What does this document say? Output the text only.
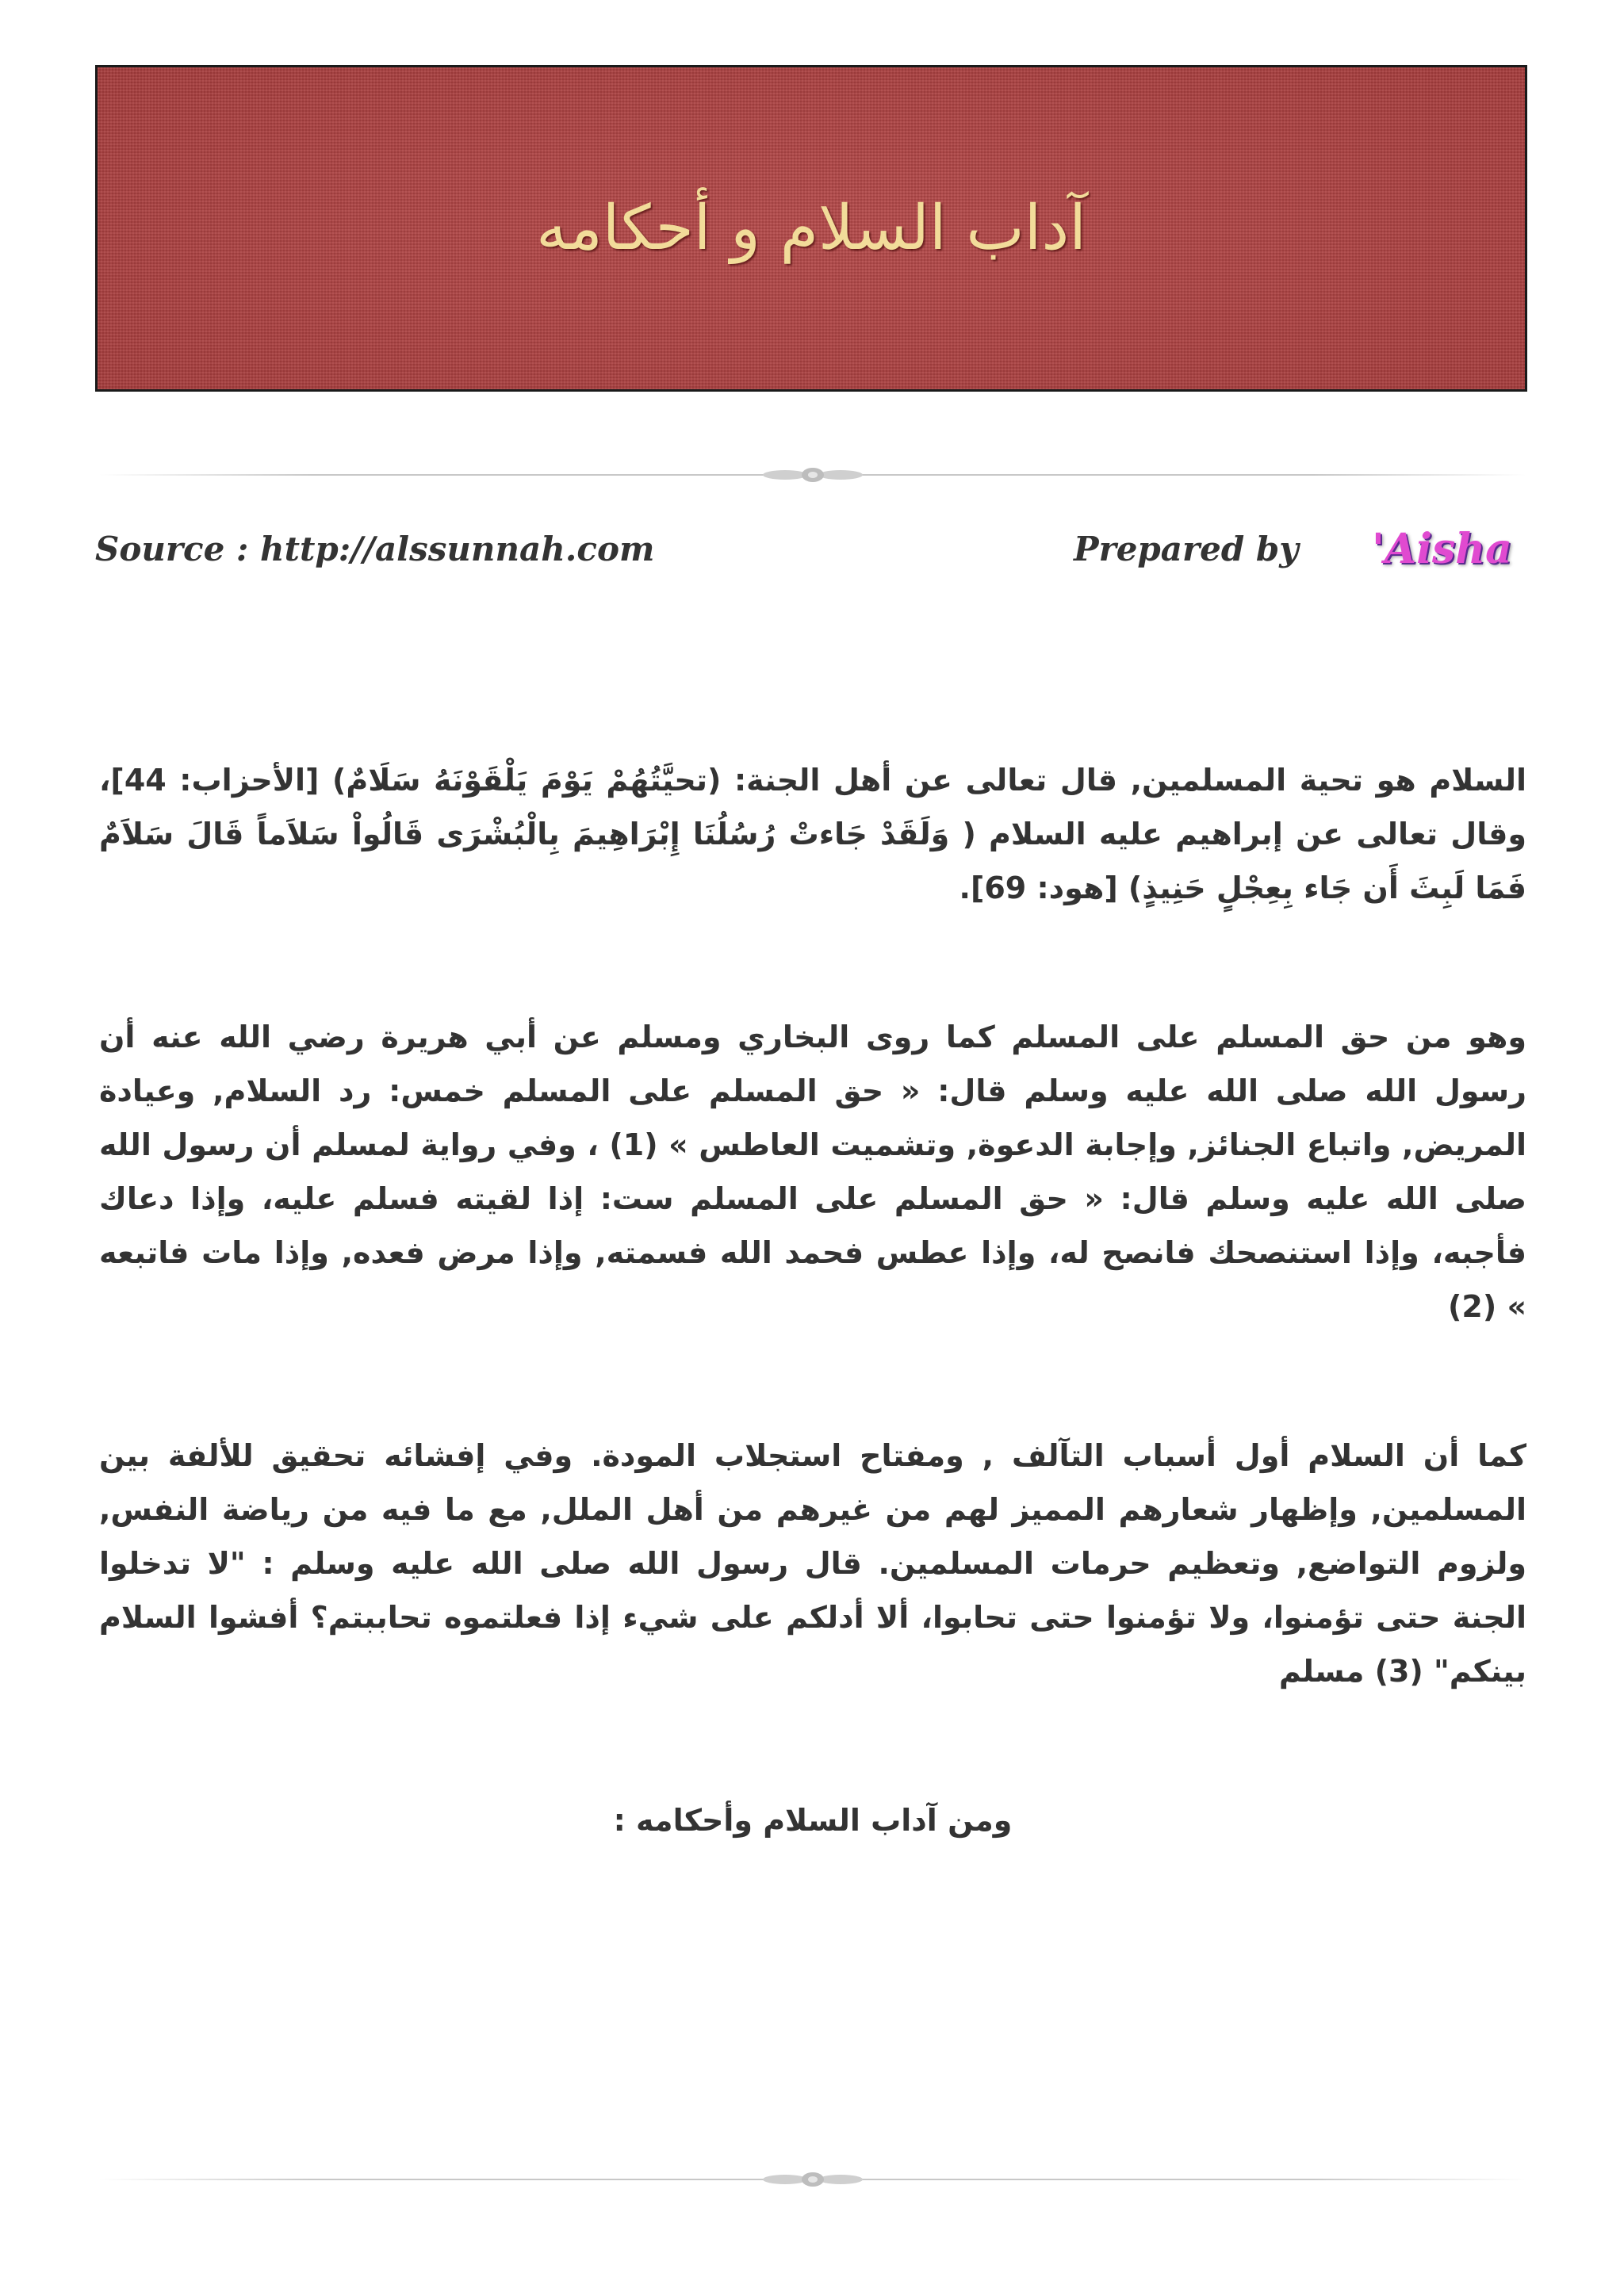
آداب السلام و أحكامه
Source : http://alssunnah.com	Prepared by 'Aisha

السلام هو تحية المسلمين, قال تعالى عن أهل الجنة: (تحيَّتُهُمْ يَوْمَ يَلْقَوْنَهُ سَلَامٌ) [الأحزاب: 44]، وقال تعالى عن إبراهيم عليه السلام ( وَلَقَدْ جَاءتْ رُسُلُنَا إِبْرَاهِيمَ بِالْبُشْرَى قَالُواْ سَلاَماً قَالَ سَلاَمٌ فَمَا لَبِثَ أَن جَاء بِعِجْلٍ حَنِيذٍ) [هود: 69].

وهو من حق المسلم على المسلم كما روى البخاري ومسلم عن أبي هريرة رضي الله عنه أن رسول الله صلى الله عليه وسلم قال: « حق المسلم على المسلم خمس: رد السلام, وعيادة المريض, واتباع الجنائز, وإجابة الدعوة, وتشميت العاطس » (1) ، وفي رواية لمسلم أن رسول الله صلى الله عليه وسلم قال: « حق المسلم على المسلم ست: إذا لقيته فسلم عليه، وإذا دعاك فأجبه، وإذا استنصحك فانصح له، وإذا عطس فحمد الله فسمته, وإذا مرض فعده, وإذا مات فاتبعه » (2)

كما أن السلام أول أسباب التآلف , ومفتاح استجلاب المودة. وفي إفشائه تحقيق للألفة بين المسلمين, وإظهار شعارهم المميز لهم من غيرهم من أهل الملل, مع ما فيه من رياضة النفس, ولزوم التواضع, وتعظيم حرمات المسلمين. قال رسول الله صلى الله عليه وسلم : "لا تدخلوا الجنة حتى تؤمنوا، ولا تؤمنوا حتى تحابوا، ألا أدلكم على شيء إذا فعلتموه تحاببتم؟ أفشوا السلام بينكم" (3) مسلم

ومن آداب السلام وأحكامه :
